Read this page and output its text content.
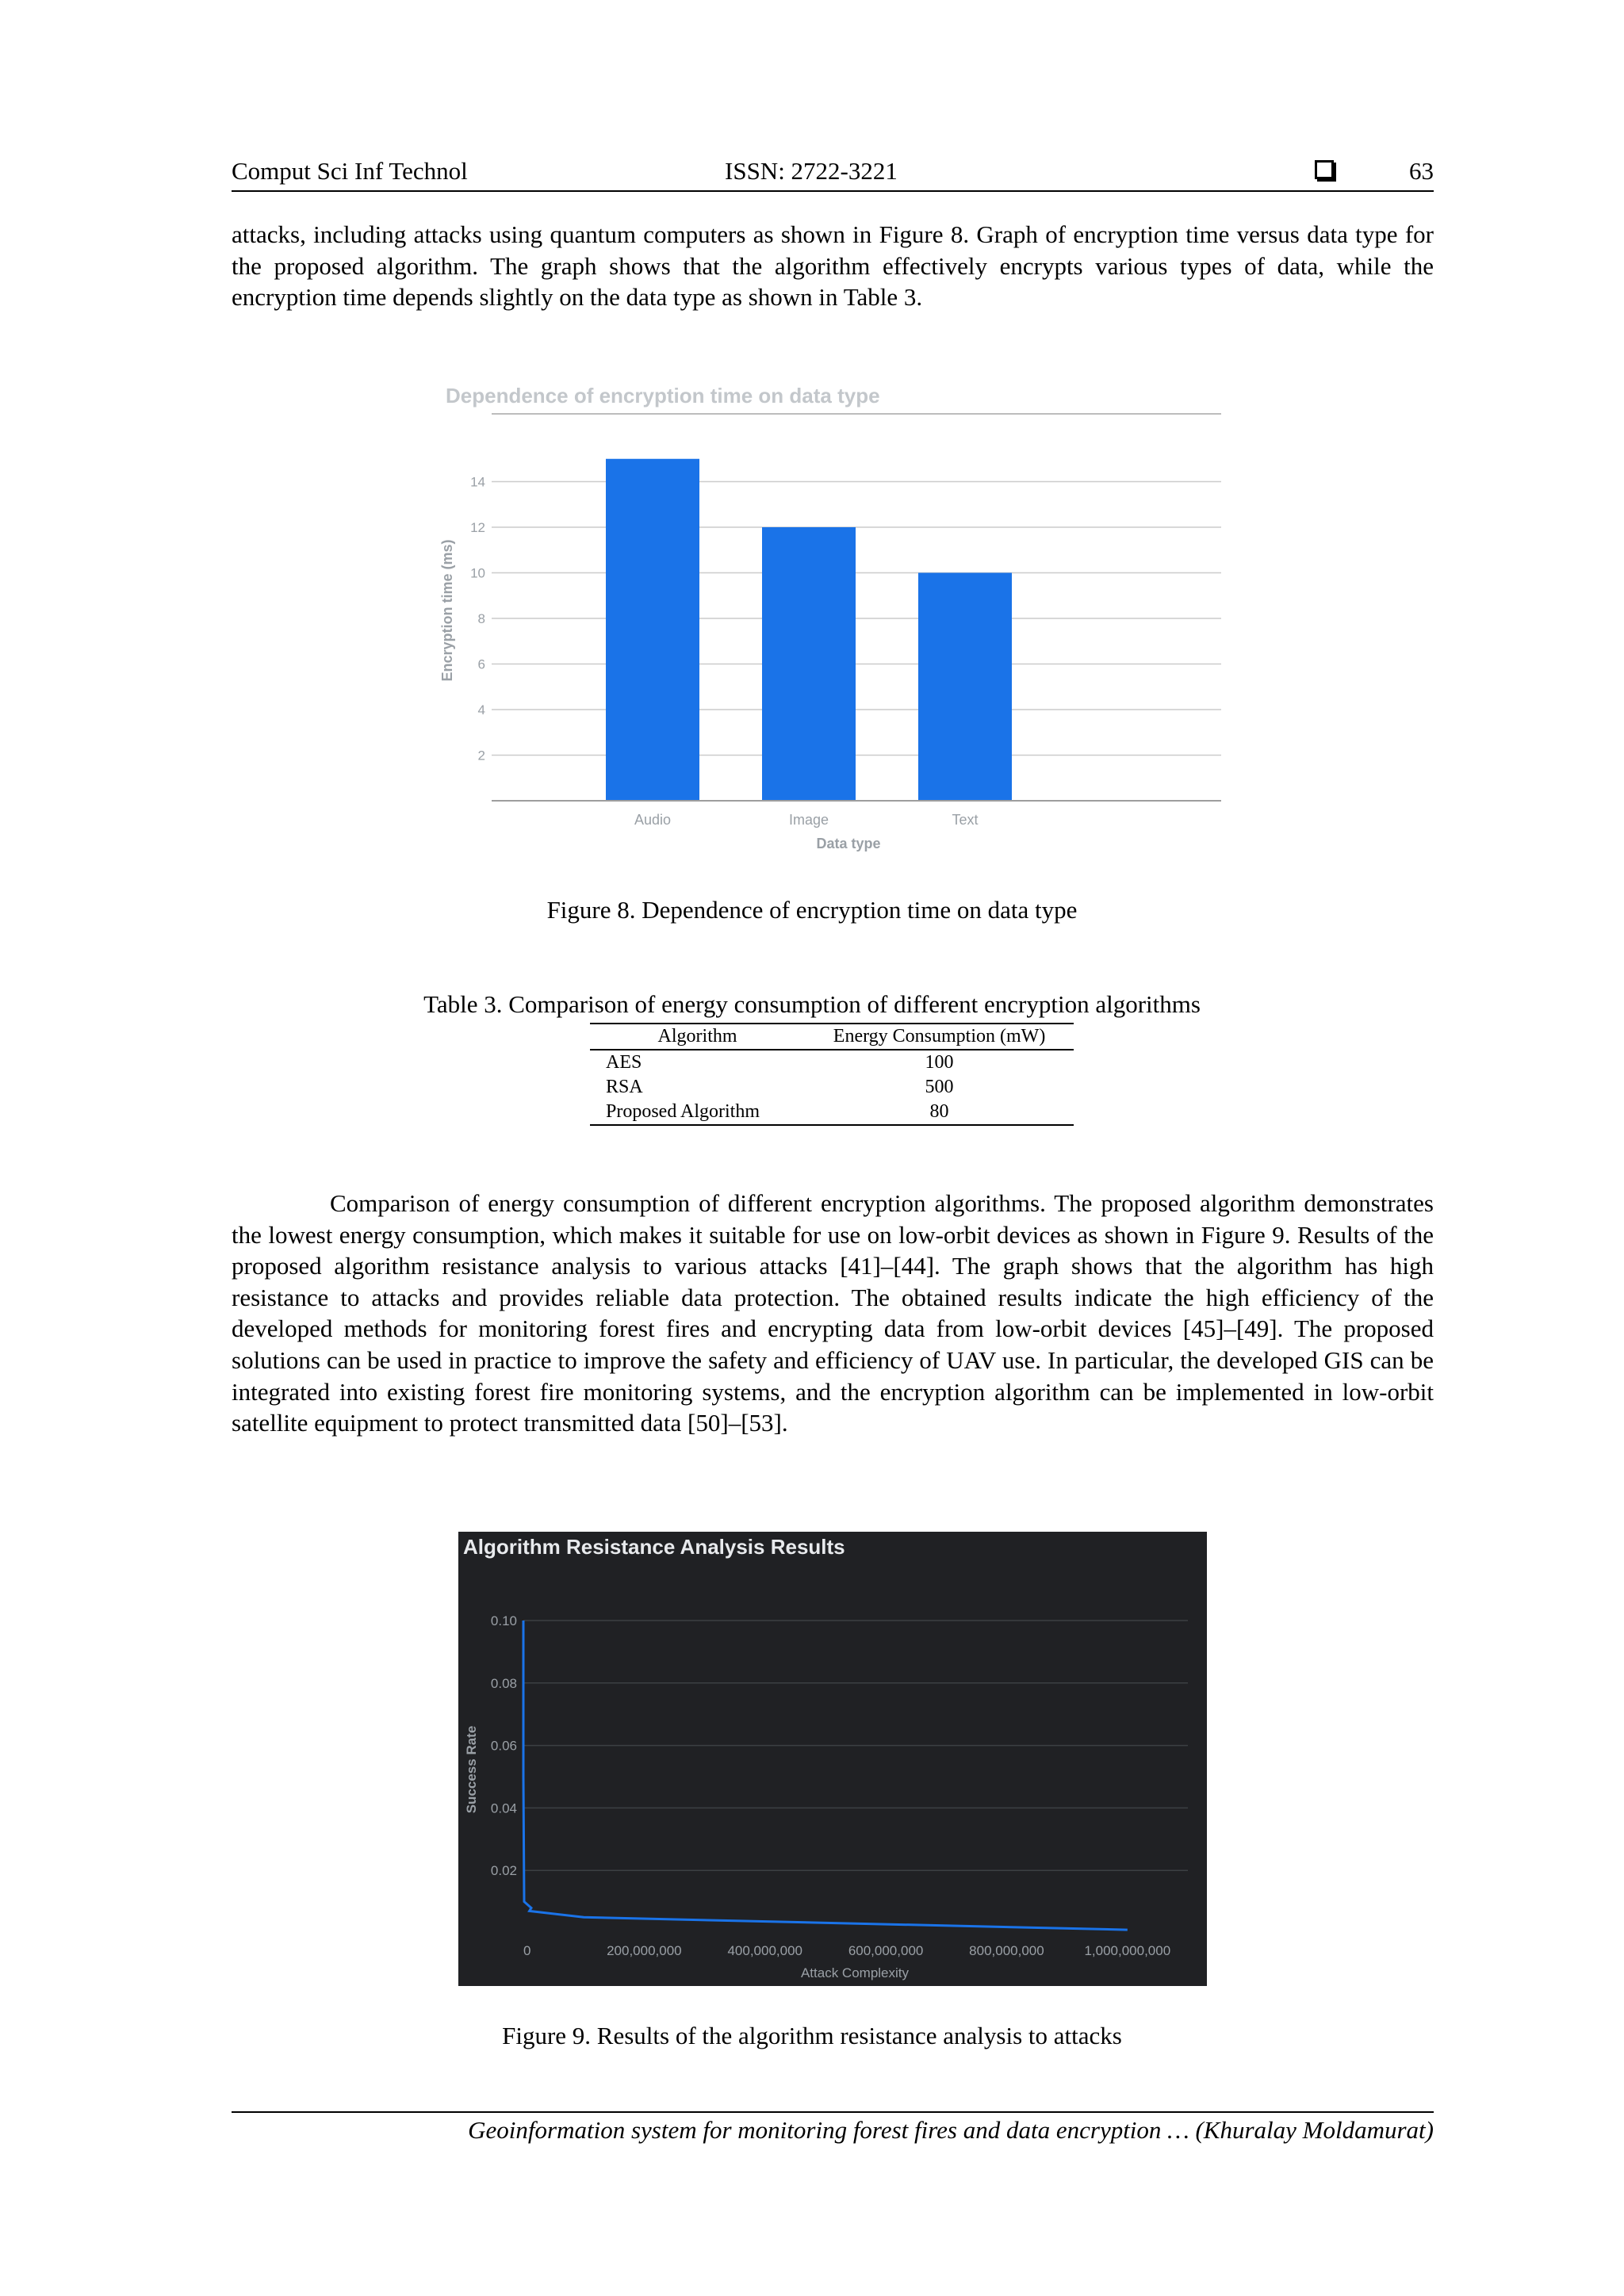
Comput Sci Inf Technol	ISSN: 2722-3221	63
attacks, including attacks using quantum computers as shown in Figure 8. Graph of encryption time versus data type for the proposed algorithm. The graph shows that the algorithm effectively encrypts various types of data, while the encryption time depends slightly on the data type as shown in Table 3.
Dependence of encryption time on data type
2
4
6
8
10
12
14
Audio	Image	Text
Data type
Encryption time (ms)
Figure 8. Dependence of encryption time on data type
Table 3. Comparison of energy consumption of different encryption algorithms
Algorithm	Energy Consumption (mW)
AES	100
RSA	500
Proposed Algorithm	80
Comparison of energy consumption of different encryption algorithms. The proposed algorithm demonstrates the lowest energy consumption, which makes it suitable for use on low-orbit devices as shown in Figure 9. Results of the proposed algorithm resistance analysis to various attacks [41]–[44]. The graph shows that the algorithm has high resistance to attacks and provides reliable data protection. The obtained results indicate the high efficiency of the developed methods for monitoring forest fires and encrypting data from low-orbit devices [45]–[49]. The proposed solutions can be used in practice to improve the safety and efficiency of UAV use. In particular, the developed GIS can be integrated into existing forest fire monitoring systems, and the encryption algorithm can be implemented in low-orbit satellite equipment to protect transmitted data [50]–[53].
Algorithm Resistance Analysis Results
0.02
0.04
0.06
0.08
0.10
0	200,000,000	400,000,000	600,000,000	800,000,000	1,000,000,000
Attack Complexity
Success Rate
Figure 9. Results of the algorithm resistance analysis to attacks
Geoinformation system for monitoring forest fires and data encryption … (Khuralay Moldamurat)
